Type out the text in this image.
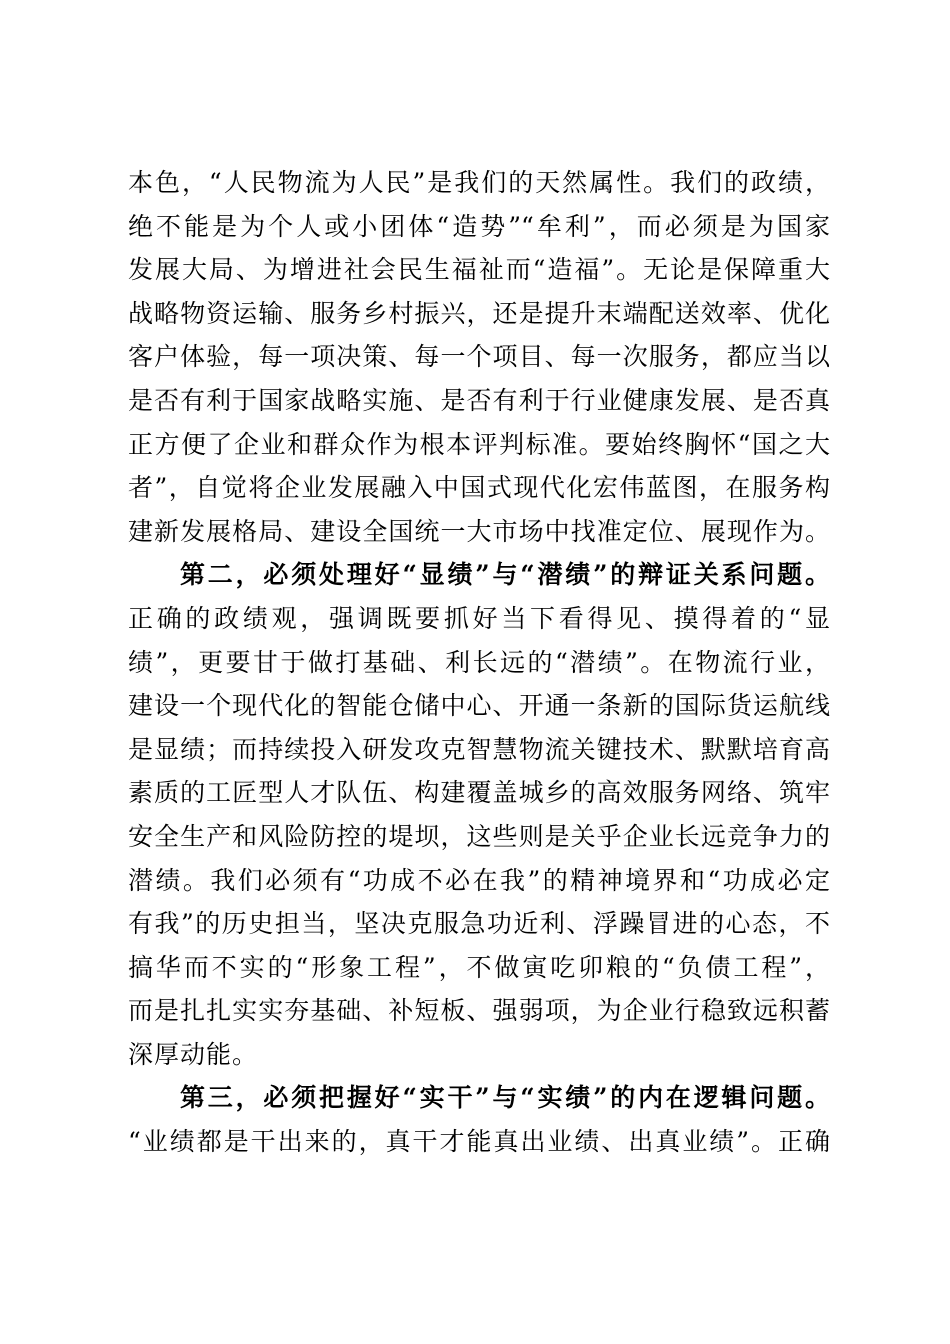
本色，“人民物流为人民”是我们的天然属性。我们的政绩，
绝不能是为个人或小团体“造势”“牟利”，而必须是为国家
发展大局、为增进社会民生福祉而“造福”。无论是保障重大
战略物资运输、服务乡村振兴，还是提升末端配送效率、优化
客户体验，每一项决策、每一个项目、每一次服务，都应当以
是否有利于国家战略实施、是否有利于行业健康发展、是否真
正方便了企业和群众作为根本评判标准。要始终胸怀“国之大
者”，自觉将企业发展融入中国式现代化宏伟蓝图，在服务构
建新发展格局、建设全国统一大市场中找准定位、展现作为。
第二，必须处理好“显绩”与“潜绩”的辩证关系问题。
正确的政绩观，强调既要抓好当下看得见、摸得着的“显
绩”，更要甘于做打基础、利长远的“潜绩”。在物流行业，
建设一个现代化的智能仓储中心、开通一条新的国际货运航线
是显绩；而持续投入研发攻克智慧物流关键技术、默默培育高
素质的工匠型人才队伍、构建覆盖城乡的高效服务网络、筑牢
安全生产和风险防控的堤坝，这些则是关乎企业长远竞争力的
潜绩。我们必须有“功成不必在我”的精神境界和“功成必定
有我”的历史担当，坚决克服急功近利、浮躁冒进的心态，不
搞华而不实的“形象工程”，不做寅吃卯粮的“负债工程”，
而是扎扎实实夯基础、补短板、强弱项，为企业行稳致远积蓄
深厚动能。
第三，必须把握好“实干”与“实绩”的内在逻辑问题。
“业绩都是干出来的，真干才能真出业绩、出真业绩”。正确
